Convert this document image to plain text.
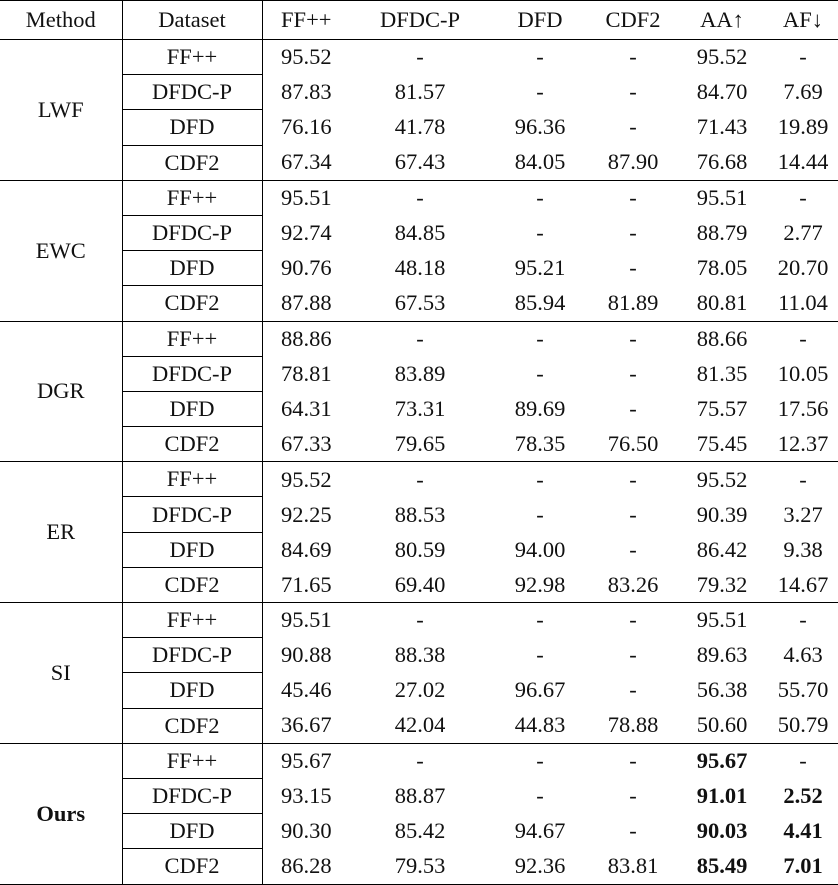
Method	Dataset	FF++	DFDC-P	DFD	CDF2	AA↑	AF↓
LWF	FF++	95.52	-	-	-	95.52	-
	DFDC-P	87.83	81.57	-	-	84.70	7.69
	DFD	76.16	41.78	96.36	-	71.43	19.89
	CDF2	67.34	67.43	84.05	87.90	76.68	14.44
EWC	FF++	95.51	-	-	-	95.51	-
	DFDC-P	92.74	84.85	-	-	88.79	2.77
	DFD	90.76	48.18	95.21	-	78.05	20.70
	CDF2	87.88	67.53	85.94	81.89	80.81	11.04
DGR	FF++	88.86	-	-	-	88.66	-
	DFDC-P	78.81	83.89	-	-	81.35	10.05
	DFD	64.31	73.31	89.69	-	75.57	17.56
	CDF2	67.33	79.65	78.35	76.50	75.45	12.37
ER	FF++	95.52	-	-	-	95.52	-
	DFDC-P	92.25	88.53	-	-	90.39	3.27
	DFD	84.69	80.59	94.00	-	86.42	9.38
	CDF2	71.65	69.40	92.98	83.26	79.32	14.67
SI	FF++	95.51	-	-	-	95.51	-
	DFDC-P	90.88	88.38	-	-	89.63	4.63
	DFD	45.46	27.02	96.67	-	56.38	55.70
	CDF2	36.67	42.04	44.83	78.88	50.60	50.79
Ours	FF++	95.67	-	-	-	95.67	-
	DFDC-P	93.15	88.87	-	-	91.01	2.52
	DFD	90.30	85.42	94.67	-	90.03	4.41
	CDF2	86.28	79.53	92.36	83.81	85.49	7.01
